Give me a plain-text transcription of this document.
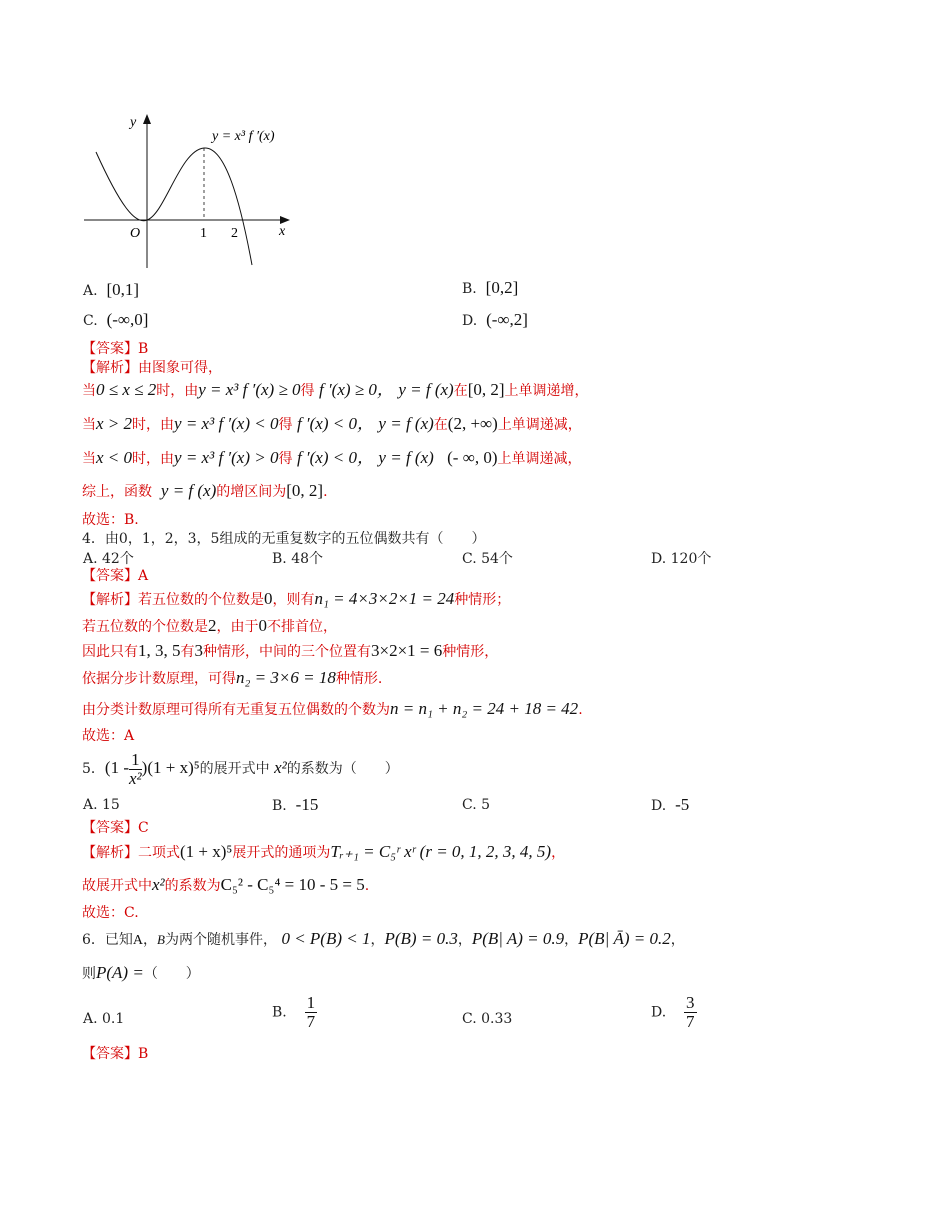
y
x
O	1 2
y = x³ f ′(x)
A. [0,1]	B. [0,2]
C. (-∞,0]	D. (-∞,2]
【答案】B
【解析】由图象可得，
当0 ≤ x ≤ 2时，由y = x³ f ′(x) ≥ 0得 f ′(x) ≥ 0， y = f (x)在[0, 2]上单调递增，
当x > 2时，由y = x³ f ′(x) < 0得 f ′(x) < 0， y = f (x)在(2, +∞)上单调递减，
当x < 0时，由y = x³ f ′(x) > 0得 f ′(x) < 0， y = f (x) (- ∞, 0)上单调递减，
综上，函数 y = f (x)的增区间为[0, 2].
故选：B.
4．由0，1，2，3，5组成的无重复数字的五位偶数共有（　　）
A. 42个	B. 48个	C. 54个	D. 120个
【答案】A
【解析】若五位数的个位数是0，则有n₁ = 4×3×2×1 = 24种情形；
若五位数的个位数是2，由于0不排首位，
因此只有1, 3, 5有3种情形，中间的三个位置有3×2×1 = 6种情形，
依据分步计数原理，可得n₂ = 3×6 = 18种情形.
由分类计数原理可得所有无重复五位偶数的个数为n = n₁ + n₂ = 24 + 18 = 42.
故选：A
5．$(1 - \frac{1}{\text{x²}} )(1 + x)^5$的展开式中 x²的系数为（　　）
A. 15	B. -15	C. 5	D. -5
【答案】C
【解析】二项式(1 + x)⁵展开式的通项为Tᵣ₊₁ = C₅ʳ xʳ (r = 0, 1, 2, 3, 4, 5)，
故展开式中x²的系数为C₅² - C₅⁴ = 10 - 5 = 5.
故选：C.
6．已知A，B为两个随机事件， 0 < P(B) < 1，P(B) = 0.3，P(B| A) = 0.9，P(B| Ā) = 0.2，
则P(A) =（　　）
A. 0.1	B. $\frac{1}{7}$	C. 0.33	D. $\frac{3}{7}$
【答案】B
